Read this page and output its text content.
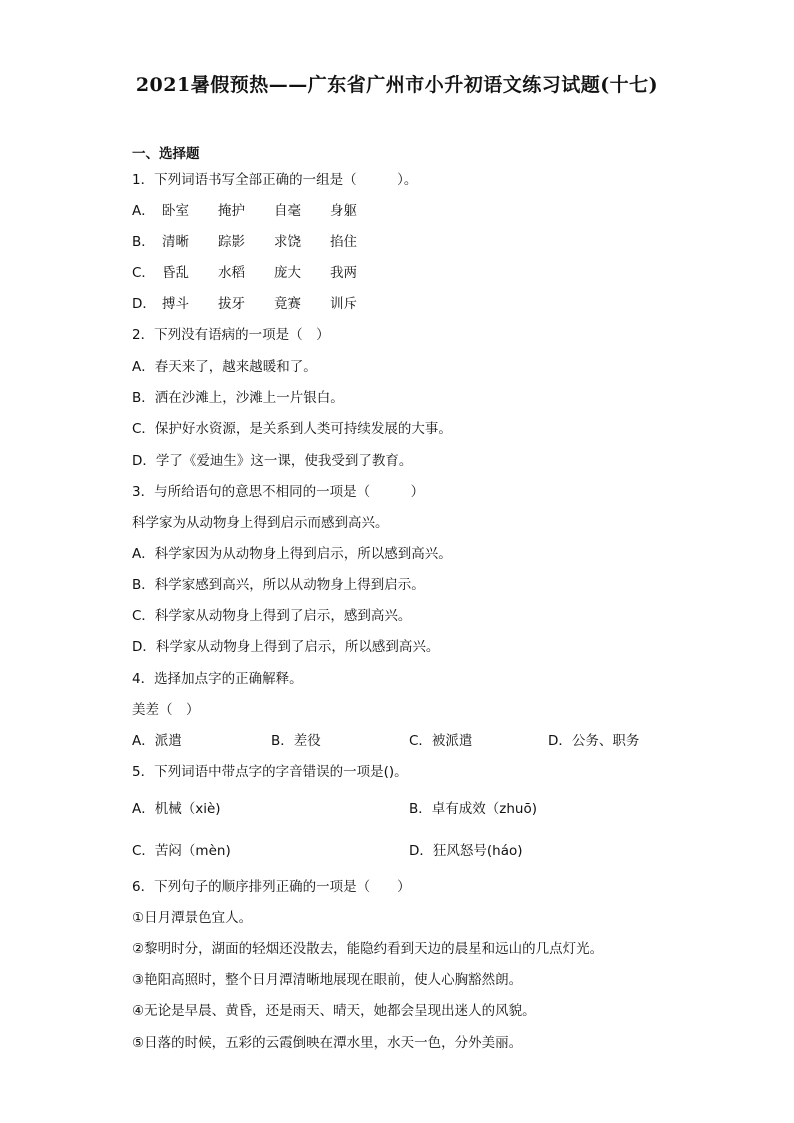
2021暑假预热——广东省广州市小升初语文练习试题(十七)
一、选择题
1．下列词语书写全部正确的一组是（　　　）。
A． 卧室 掩护 自毫 身躯
B． 清晰 踪影 求饶 掐住
C． 昏乱 水稻 庞大 我两
D． 搏斗 拔牙 竟赛 训斥
2．下列没有语病的一项是（　）
A．春天来了，越来越暖和了。
B．洒在沙滩上，沙滩上一片银白。
C．保护好水资源，是关系到人类可持续发展的大事。
D．学了《爱迪生》这一课，使我受到了教育。
3．与所给语句的意思不相同的一项是（　　　）
科学家为从动物身上得到启示而感到高兴。
A．科学家因为从动物身上得到启示，所以感到高兴。
B．科学家感到高兴，所以从动物身上得到启示。
C．科学家从动物身上得到了启示，感到高兴。
D．科学家从动物身上得到了启示，所以感到高兴。
4．选择加点字的正确解释。
美差（　）
A．派遣	B．差役	C．被派遣	D．公务、职务
5．下列词语中带点字的字音错误的一项是()。
A．机械（xiè)	B．卓有成效（zhuō)
C．苦闷（mèn)	D．狂风怒号(háo)
6．下列句子的顺序排列正确的一项是（　　）
①日月潭景色宜人。
②黎明时分，湖面的轻烟还没散去，能隐约看到天边的晨星和远山的几点灯光。
③艳阳高照时，整个日月潭清晰地展现在眼前，使人心胸豁然朗。
④无论是早晨、黄昏，还是雨天、晴天，她都会呈现出迷人的风貌。
⑤日落的时候，五彩的云霞倒映在潭水里，水天一色，分外美丽。
